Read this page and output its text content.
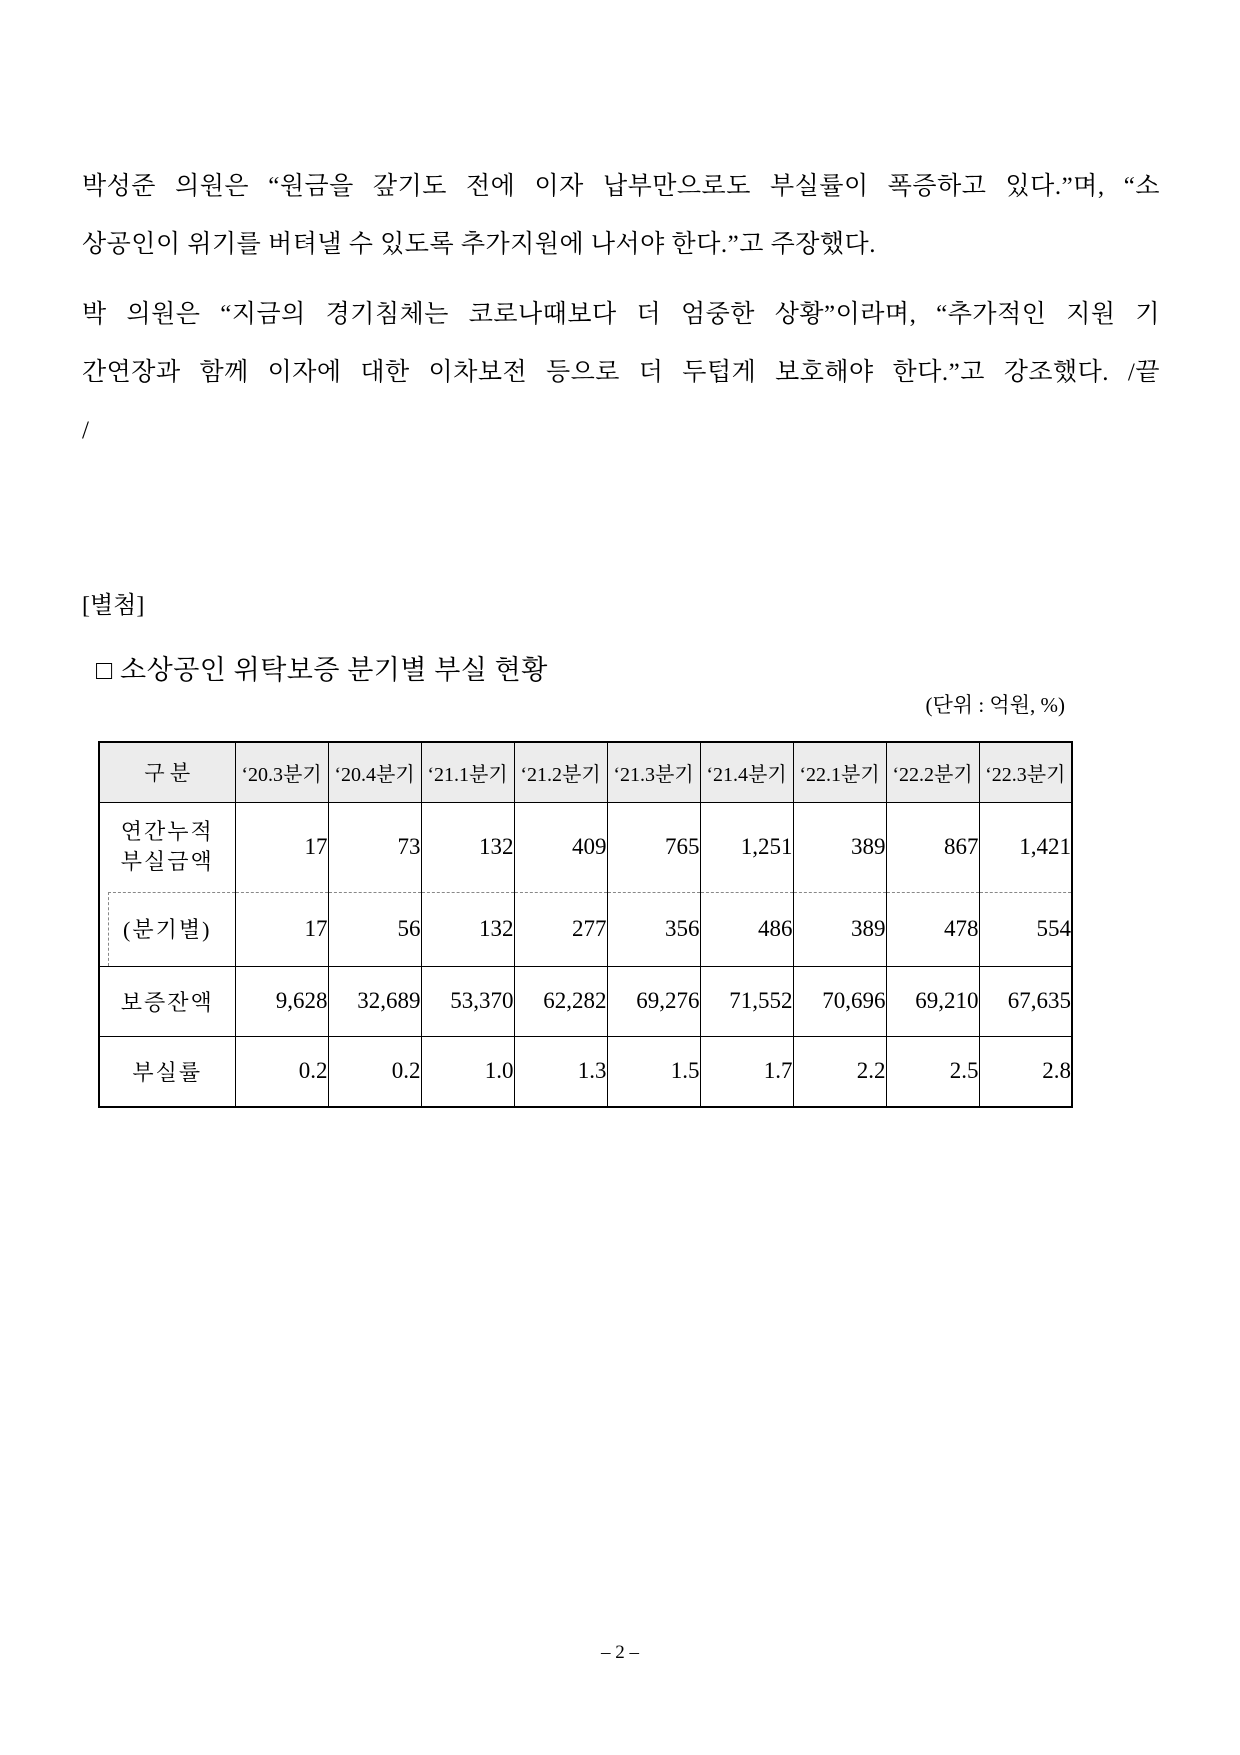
박성준 의원은 “원금을 갚기도 전에 이자 납부만으로도 부실률이 폭증하고 있다.”며, “소
상공인이 위기를 버텨낼 수 있도록 추가지원에 나서야 한다.”고 주장했다.
박 의원은 “지금의 경기침체는 코로나때보다 더 엄중한 상황”이라며, “추가적인 지원 기
간연장과 함께 이자에 대한 이차보전 등으로 더 두텁게 보호해야 한다.”고 강조했다. /끝
/
[별첨]
□ 소상공인 위탁보증 분기별 부실 현황
(단위 : 억원, %)
구 분	‘20.3분기	‘20.4분기	‘21.1분기	‘21.2분기	‘21.3분기	‘21.4분기	‘22.1분기	‘22.2분기	‘22.3분기

연간누적
부실금액	17	73	132	409	765	1,251	389	867	1,421

(분기별)	17	56	132	277	356	486	389	478	554
보증잔액	9,628	32,689	53,370	62,282	69,276	71,552	70,696	69,210	67,635
부실률	0.2	0.2	1.0	1.3	1.5	1.7	2.2	2.5	2.8
– 2 –
